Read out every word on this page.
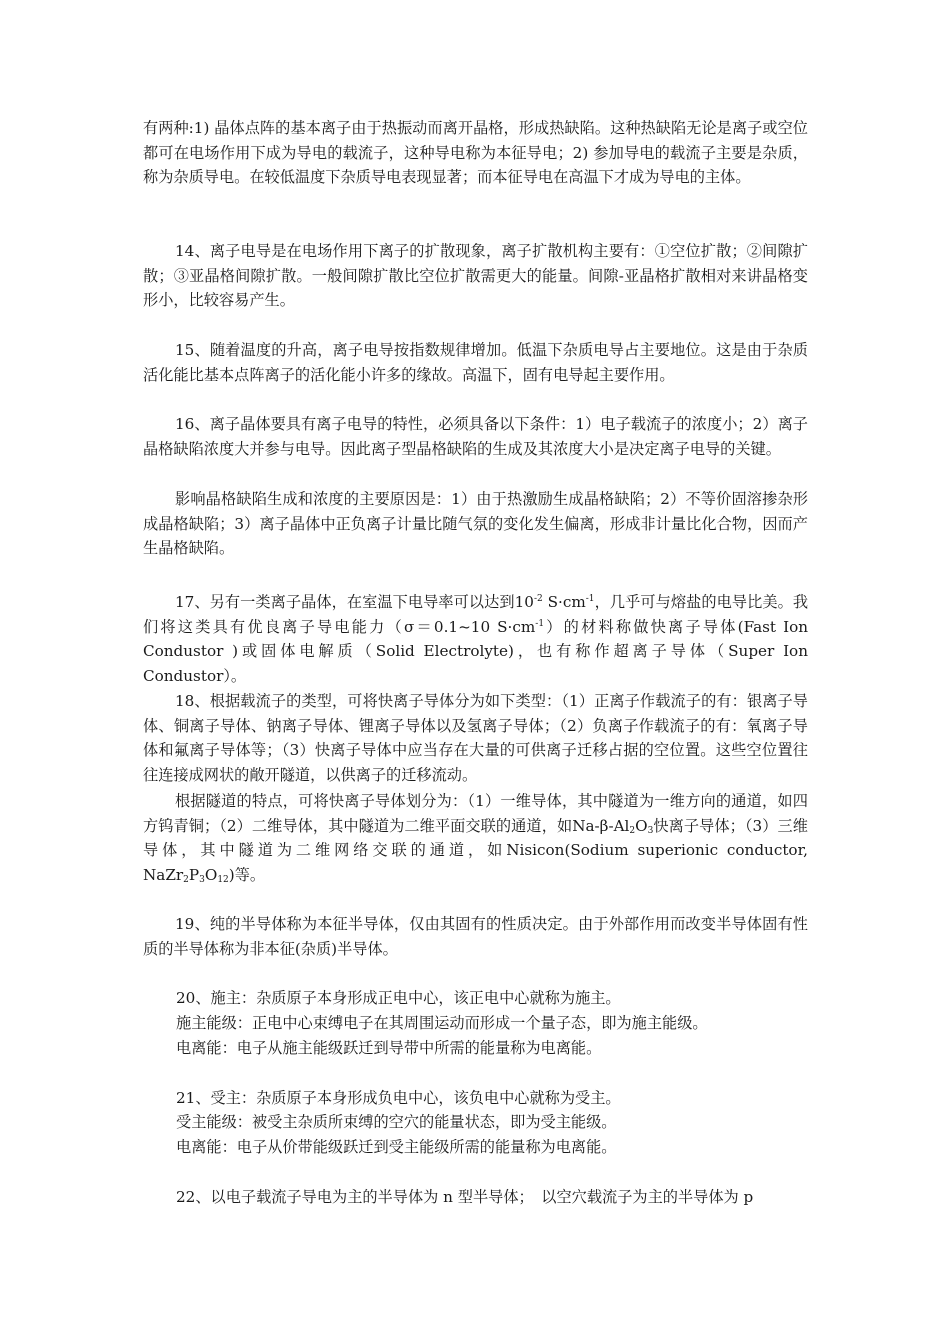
有两种:1) 晶体点阵的基本离子由于热振动而离开晶格，形成热缺陷。这种热缺陷无论是离子或空位都可在电场作用下成为导电的载流子，这种导电称为本征导电；2) 参加导电的载流子主要是杂质，称为杂质导电。在较低温度下杂质导电表现显著；而本征导电在高温下才成为导电的主体。

14、离子电导是在电场作用下离子的扩散现象，离子扩散机构主要有：①空位扩散；②间隙扩散；③亚晶格间隙扩散。一般间隙扩散比空位扩散需更大的能量。间隙-亚晶格扩散相对来讲晶格变形小，比较容易产生。

15、随着温度的升高，离子电导按指数规律增加。低温下杂质电导占主要地位。这是由于杂质活化能比基本点阵离子的活化能小许多的缘故。高温下，固有电导起主要作用。

16、离子晶体要具有离子电导的特性，必须具备以下条件：1）电子载流子的浓度小；2）离子晶格缺陷浓度大并参与电导。因此离子型晶格缺陷的生成及其浓度大小是决定离子电导的关键。

影响晶格缺陷生成和浓度的主要原因是：1）由于热激励生成晶格缺陷；2）不等价固溶掺杂形成晶格缺陷；3）离子晶体中正负离子计量比随气氛的变化发生偏离，形成非计量比化合物，因而产生晶格缺陷。

17、另有一类离子晶体，在室温下电导率可以达到$10^{-2}$ $S\cdot cm^{-1}$，几乎可与熔盐的电导比美。我们将这类具有优良离子导电能力（σ＝0.1~10 $S\cdot cm^{-1}$）的材料称做快离子导体(Fast Ion Condustor )或固体电解质（Solid Electrolyte)，也有称作超离子导体（Super Ion Condustor）。

18、根据载流子的类型，可将快离子导体分为如下类型：（1）正离子作载流子的有：银离子导体、铜离子导体、钠离子导体、锂离子导体以及氢离子导体；（2）负离子作载流子的有：氧离子导体和氟离子导体等；（3）快离子导体中应当存在大量的可供离子迁移占据的空位置。这些空位置往往连接成网状的敞开隧道，以供离子的迁移流动。

根据隧道的特点，可将快离子导体划分为：（1）一维导体，其中隧道为一维方向的通道，如四方钨青铜；（2）二维导体，其中隧道为二维平面交联的通道，如$Na-\beta-Al_2O_3$快离子导体；（3）三维导体，其中隧道为二维网络交联的通道，如Nisicon(Sodium superionic conductor, $NaZr_2P_3O_{12}$)等。

19、纯的半导体称为本征半导体，仅由其固有的性质决定。由于外部作用而改变半导体固有性质的半导体称为非本征(杂质)半导体。

20、施主：杂质原子本身形成正电中心，该正电中心就称为施主。

施主能级：正电中心束缚电子在其周围运动而形成一个量子态，即为施主能级。

电离能：电子从施主能级跃迁到导带中所需的能量称为电离能。

21、受主：杂质原子本身形成负电中心，该负电中心就称为受主。

受主能级：被受主杂质所束缚的空穴的能量状态，即为受主能级。

电离能：电子从价带能级跃迁到受主能级所需的能量称为电离能。

22、以电子载流子导电为主的半导体为 n 型半导体；　以空穴载流子为主的半导体为 p
